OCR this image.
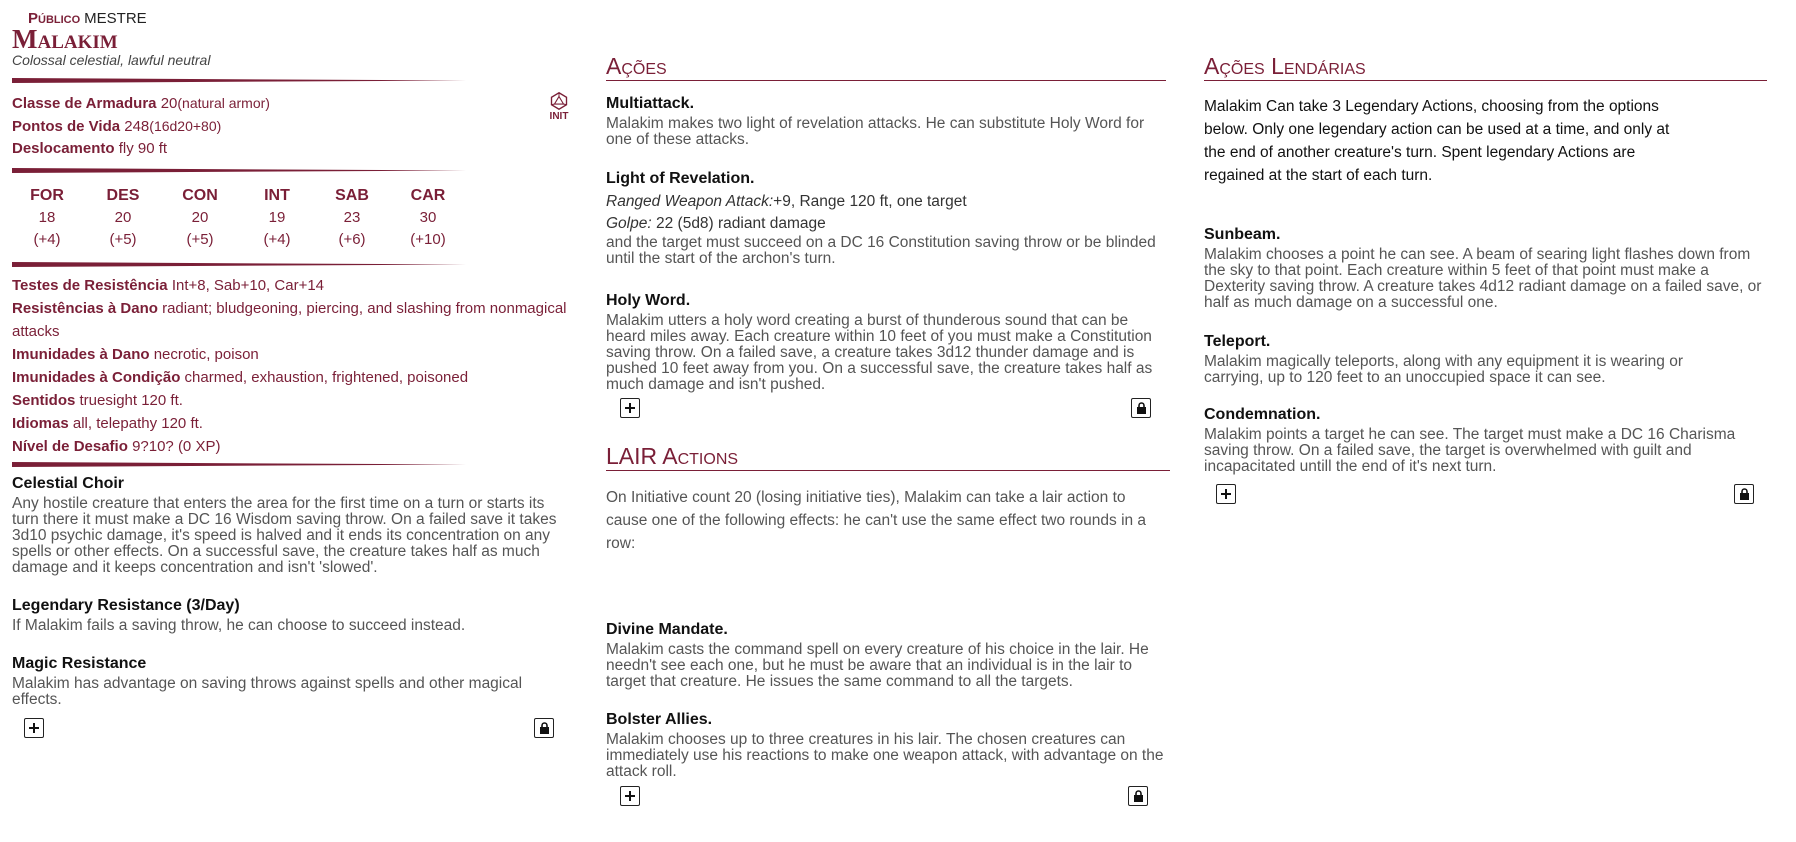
Público MESTRE
Malakim
Colossal celestial, lawful neutral
Classe de Armadura 20(natural armor)
Pontos de Vida 248(16d20+80)
Deslocamento fly 90 ft
INIT
FOR
18
(+4)
DES
20
(+5)
CON
20
(+5)
INT
19
(+4)
SAB
23
(+6)
CAR
30
(+10)
Testes de Resistência Int+8, Sab+10, Car+14
Resistências à Dano radiant; bludgeoning, piercing, and slashing from nonmagical attacks
Imunidades à Dano necrotic, poison
Imunidades à Condição charmed, exhaustion, frightened, poisoned
Sentidos truesight 120 ft.
Idiomas all, telepathy 120 ft.
Nível de Desafio 9?10? (0 XP)
Celestial Choir
Any hostile creature that enters the area for the first time on a turn or starts its turn there it must make a DC 16 Wisdom saving throw. On a failed save it takes 3d10 psychic damage, it's speed is halved and it ends its concentration on any spells or other effects. On a successful save, the creature takes half as much damage and it keeps concentration and isn't 'slowed'.
Legendary Resistance (3/Day)
If Malakim fails a saving throw, he can choose to succeed instead.
Magic Resistance
Malakim has advantage on saving throws against spells and other magical effects.
Ações
Multiattack.
Malakim makes two light of revelation attacks. He can substitute Holy Word for one of these attacks.
Light of Revelation.
Ranged Weapon Attack:+9, Range 120 ft, one target
Golpe: 22 (5d8) radiant damage
and the target must succeed on a DC 16 Constitution saving throw or be blinded until the start of the archon's turn.
Holy Word.
Malakim utters a holy word creating a burst of thunderous sound that can be heard miles away. Each creature within 10 feet of you must make a Constitution saving throw. On a failed save, a creature takes 3d12 thunder damage and is pushed 10 feet away from you. On a successful save, the creature takes half as much damage and isn't pushed.
LAIR Actions
On Initiative count 20 (losing initiative ties), Malakim can take a lair action to cause one of the following effects: he can't use the same effect two rounds in a row:
Divine Mandate.
Malakim casts the command spell on every creature of his choice in the lair. He needn't see each one, but he must be aware that an individual is in the lair to target that creature. He issues the same command to all the targets.
Bolster Allies.
Malakim chooses up to three creatures in his lair. The chosen creatures can immediately use his reactions to make one weapon attack, with advantage on the attack roll.
Ações Lendárias
Malakim Can take 3 Legendary Actions, choosing from the options below. Only one legendary action can be used at a time, and only at the end of another creature's turn. Spent legendary Actions are regained at the start of each turn.
Sunbeam.
Malakim chooses a point he can see. A beam of searing light flashes down from the sky to that point. Each creature within 5 feet of that point must make a Dexterity saving throw. A creature takes 4d12 radiant damage on a failed save, or half as much damage on a successful one.
Teleport.
Malakim magically teleports, along with any equipment it is wearing or carrying, up to 120 feet to an unoccupied space it can see.
Condemnation.
Malakim points a target he can see. The target must make a DC 16 Charisma saving throw. On a failed save, the target is overwhelmed with guilt and incapacitated untill the end of it's next turn.
